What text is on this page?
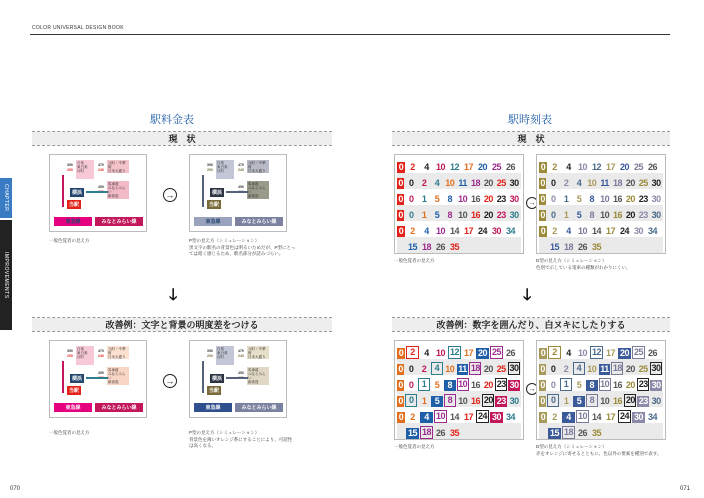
COLOR UNIVERSAL DESIGN BOOK
CHAPTER
IMPROVEMENTS
070	071
駅料金表
現　状
390
200
白楽
東白楽
反町
470
240
元町・中華街
日本大通り
450
馬車道
みなとみらい
新高島
横浜
当駅
東急線	みなとみらい線
→
390
200
白楽
東白楽
反町
470
240
元町・中華街
日本大通り
450
馬車道
みなとみらい
新高島
横浜
当駅
東急線	みなとみらい線
一般色覚者の見え方	P型の見え方（シミュレーション）
黒文字の駅名の背景色は明るいためだが、P型にとっ
ては暗く感じるため、駅名部分が読みづらい。
🡓
改善例：文字と背景の明度差をつける
390
200
白楽
東白楽
反町
470
240
元町・中華街
日本大通り
450
馬車道
みなとみらい
新高島
横浜
当駅
東急線	みなとみらい線
→
390
200
白楽
東白楽
反町
470
240
元町・中華街
日本大通り
450
馬車道
みなとみらい
新高島
横浜
当駅
東急線	みなとみらい線
一般色覚者の見え方	P型の見え方（シミュレーション）
背景色を薄いオレンジ系にすることにより、可読性
は高くなる。
駅時刻表
現　状
0 2	4 10 12 17 20 25 26
0 0 2 4 10 11 18 20 25 30
0 0 1 5 8 10 16 20 23 30
0 0 1 5 8 10 16 20 23 30
0 2	4 10 14 17 24 30 34
15 18 26 35
→
0 2	4 10 12 17 20 25 26
0 0 2 4 10 11 18 20 25 30
0 0 1 5 8 10 16 20 23 30
0 0 1 5 8 10 16 20 23 30
0 2	4 10 14 17 24 30 34
15 18 26 35
一般色覚者の見え方	D型の見え方（シミュレーション）
色別で示している電車の種類がわかりにくい。
🡓
改善例：数字を囲んだり、白ヌキにしたりする
0 2	4 10 12 17 20 25 26
0 0 2 4 10 11 18 20 25 30
0 0 1 5 8 10 16 20 23 30
0 0 1 5 8 10 16 20 23 30
0 2	4 10 14 17 24 30 34
15 18 26 35
→
0 2	4 10 12 17 20 25 26
0 0 2 4 10 11 18 20 25 30
0 0 1 5 8 10 16 20 23 30
0 0 1 5 8 10 16 20 23 30
0 2	4 10 14 17 24 30 34
15 18 26 35
一般色覚者の見え方	D型の見え方（シミュレーション）
赤をオレンジに寄せるとともに、色以外の要素を種別で表す。
